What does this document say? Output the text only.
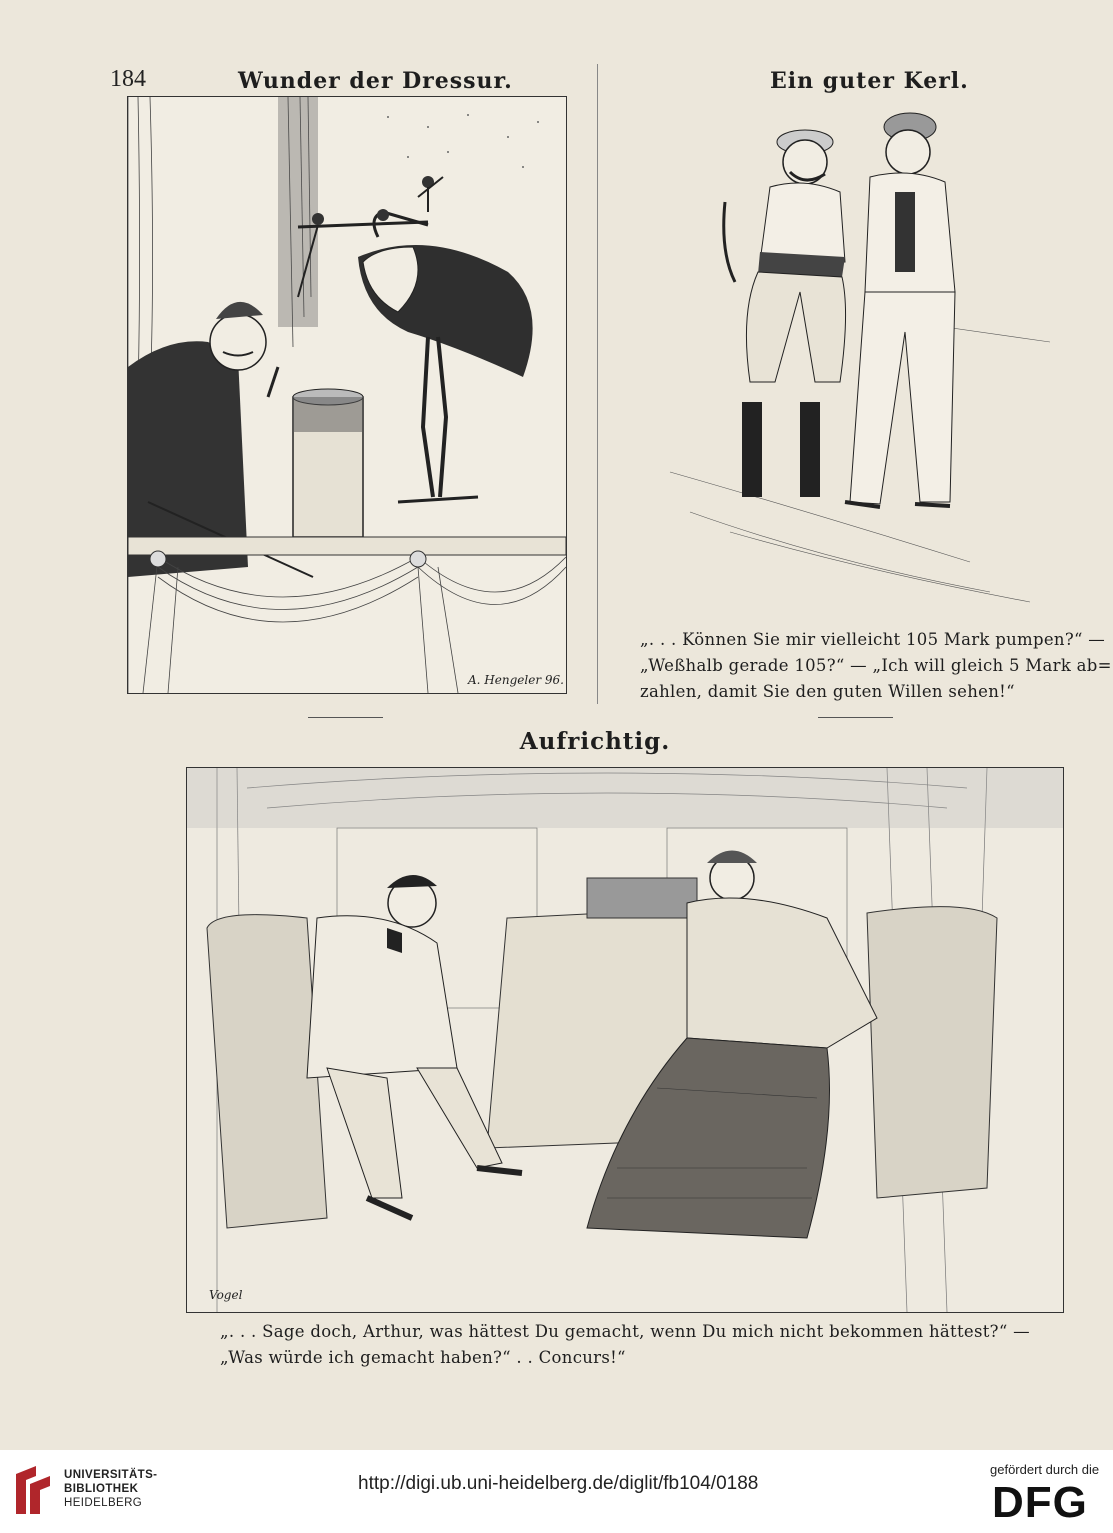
184	Wunder der Dressur.	Ein guter Kerl.
A. Hengeler 96.
„. . . Können Sie mir vielleicht 105 Mark pumpen?“ —
„Weßhalb gerade 105?“ — „Ich will gleich 5 Mark ab=
zahlen, damit Sie den guten Willen sehen!“
Aufrichtig.
Vogel
„. . . Sage doch, Arthur, was hättest Du gemacht, wenn Du mich nicht bekommen hättest?“ —
„Was würde ich gemacht haben?“ . . Concurs!“
UNIVERSITÄTS-
BIBLIOTHEK
HEIDELBERG
http://digi.ub.uni-heidelberg.de/diglit/fb104/0188
gefördert durch die
DFG
